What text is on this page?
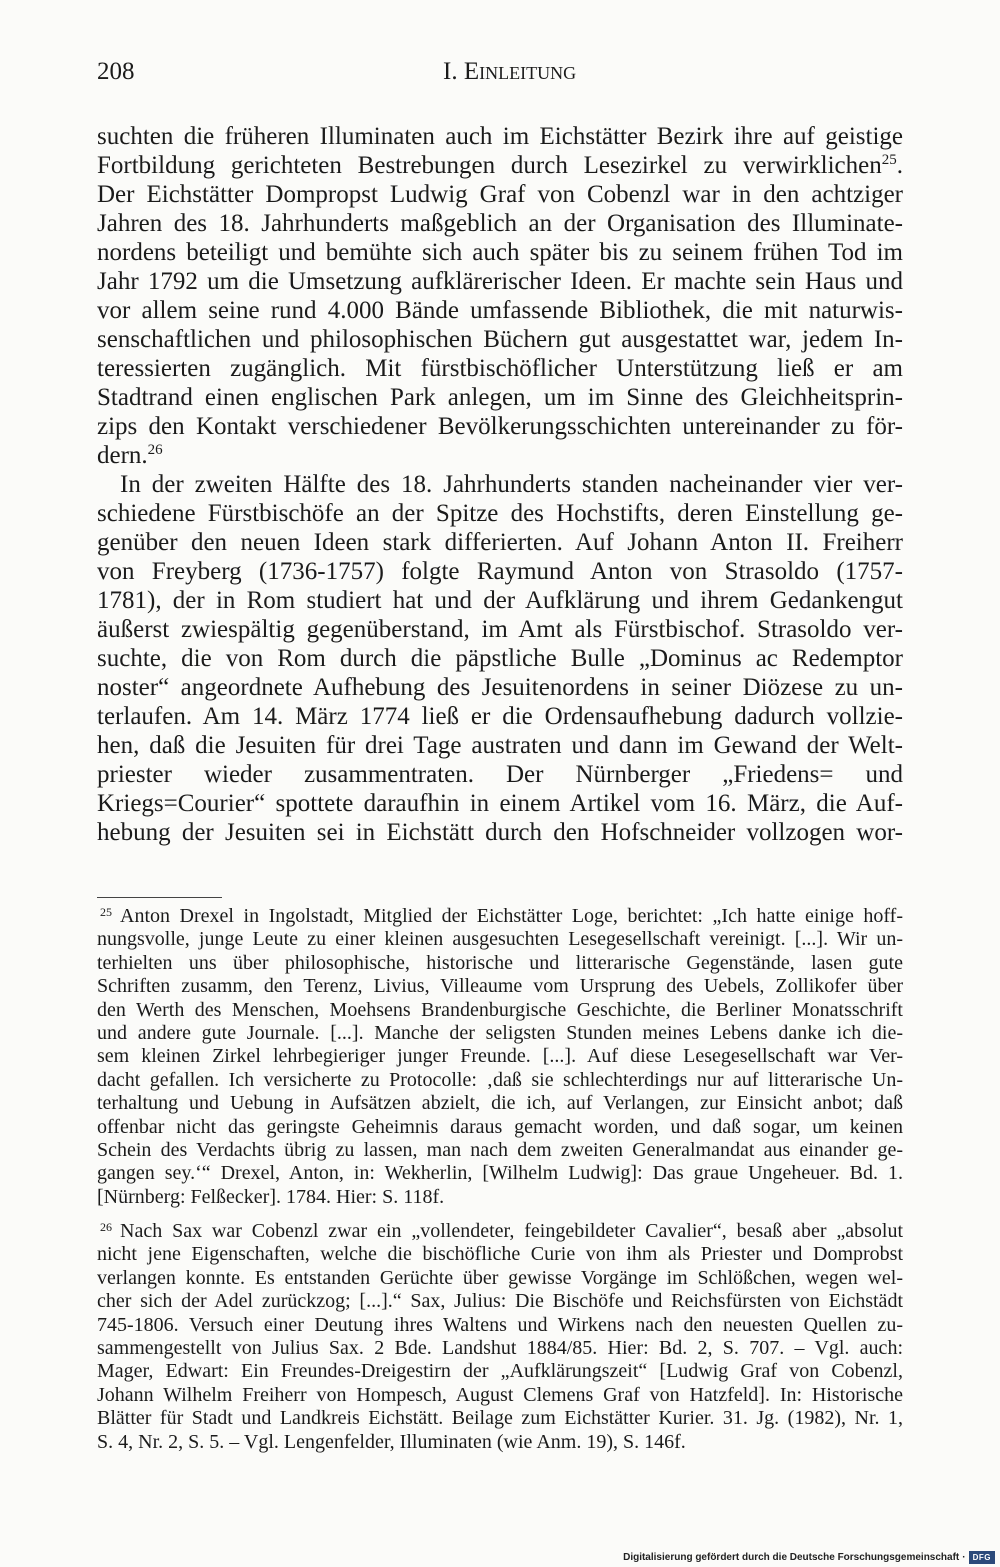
208	I. Einleitung
suchten die früheren Illuminaten auch im Eichstätter Bezirk ihre auf geistige
Fortbildung gerichteten Bestrebungen durch Lesezirkel zu verwirklichen$^{25}$.
Der Eichstätter Dompropst Ludwig Graf von Cobenzl war in den achtziger
Jahren des 18. Jahrhunderts maßgeblich an der Organisation des Illuminate-
nordens beteiligt und bemühte sich auch später bis zu seinem frühen Tod im
Jahr 1792 um die Umsetzung aufklärerischer Ideen. Er machte sein Haus und
vor allem seine rund 4.000 Bände umfassende Bibliothek, die mit naturwis-
senschaftlichen und philosophischen Büchern gut ausgestattet war, jedem In-
teressierten zugänglich. Mit fürstbischöflicher Unterstützung ließ er am
Stadtrand einen englischen Park anlegen, um im Sinne des Gleichheitsprin-
zips den Kontakt verschiedener Bevölkerungsschichten untereinander zu för-
dern.$^{26}$
In der zweiten Hälfte des 18. Jahrhunderts standen nacheinander vier ver-
schiedene Fürstbischöfe an der Spitze des Hochstifts, deren Einstellung ge-
genüber den neuen Ideen stark differierten. Auf Johann Anton II. Freiherr
von Freyberg (1736-1757) folgte Raymund Anton von Strasoldo (1757-
1781), der in Rom studiert hat und der Aufklärung und ihrem Gedankengut
äußerst zwiespältig gegenüberstand, im Amt als Fürstbischof. Strasoldo ver-
suchte, die von Rom durch die päpstliche Bulle „Dominus ac Redemptor
noster“ angeordnete Aufhebung des Jesuitenordens in seiner Diözese zu un-
terlaufen. Am 14. März 1774 ließ er die Ordensaufhebung dadurch vollzie-
hen, daß die Jesuiten für drei Tage austraten und dann im Gewand der Welt-
priester wieder zusammentraten. Der Nürnberger „Friedens= und
Kriegs=Courier“ spottete daraufhin in einem Artikel vom 16. März, die Auf-
hebung der Jesuiten sei in Eichstätt durch den Hofschneider vollzogen wor-
25 Anton Drexel in Ingolstadt, Mitglied der Eichstätter Loge, berichtet: „Ich hatte einige hoff-
nungsvolle, junge Leute zu einer kleinen ausgesuchten Lesegesellschaft vereinigt. [...]. Wir un-
terhielten uns über philosophische, historische und litterarische Gegenstände, lasen gute
Schriften zusamm, den Terenz, Livius, Villeaume vom Ursprung des Uebels, Zollikofer über
den Werth des Menschen, Moehsens Brandenburgische Geschichte, die Berliner Monatsschrift
und andere gute Journale. [...]. Manche der seligsten Stunden meines Lebens danke ich die-
sem kleinen Zirkel lehrbegieriger junger Freunde. [...]. Auf diese Lesegesellschaft war Ver-
dacht gefallen. Ich versicherte zu Protocolle: ‚daß sie schlechterdings nur auf litterarische Un-
terhaltung und Uebung in Aufsätzen abzielt, die ich, auf Verlangen, zur Einsicht anbot; daß
offenbar nicht das geringste Geheimnis daraus gemacht worden, und daß sogar, um keinen
Schein des Verdachts übrig zu lassen, man nach dem zweiten Generalmandat aus einander ge-
gangen sey.‘“ Drexel, Anton, in: Wekherlin, [Wilhelm Ludwig]: Das graue Ungeheuer. Bd. 1.
[Nürnberg: Felßecker]. 1784. Hier: S. 118f.
26 Nach Sax war Cobenzl zwar ein „vollendeter, feingebildeter Cavalier“, besaß aber „absolut
nicht jene Eigenschaften, welche die bischöfliche Curie von ihm als Priester und Domprobst
verlangen konnte. Es entstanden Gerüchte über gewisse Vorgänge im Schlößchen, wegen wel-
cher sich der Adel zurückzog; [...].“ Sax, Julius: Die Bischöfe und Reichsfürsten von Eichstädt
745-1806. Versuch einer Deutung ihres Waltens und Wirkens nach den neuesten Quellen zu-
sammengestellt von Julius Sax. 2 Bde. Landshut 1884/85. Hier: Bd. 2, S. 707. – Vgl. auch:
Mager, Edwart: Ein Freundes-Dreigestirn der „Aufklärungszeit“ [Ludwig Graf von Cobenzl,
Johann Wilhelm Freiherr von Hompesch, August Clemens Graf von Hatzfeld]. In: Historische
Blätter für Stadt und Landkreis Eichstätt. Beilage zum Eichstätter Kurier. 31. Jg. (1982), Nr. 1,
S. 4, Nr. 2, S. 5. – Vgl. Lengenfelder, Illuminaten (wie Anm. 19), S. 146f.
Digitalisierung gefördert durch die Deutsche Forschungsgemeinschaft · DFG
